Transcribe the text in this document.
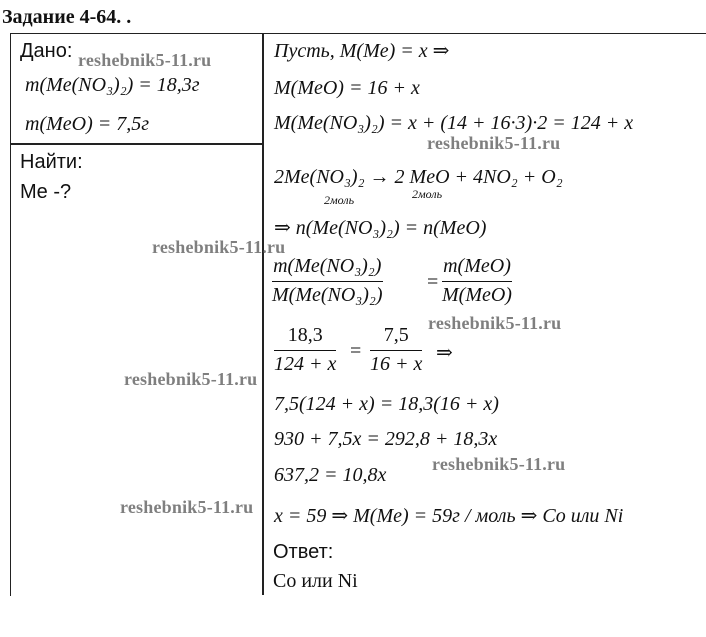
Задание 4-64. .
Дано:
m(Me(NO₃)₂) = 18,3г
m(MeO) = 7,5г
Найти:
Me -?
Пусть, M(Me) = x ⇒
M(MeO) = 16 + x
M(Me(NO₃)₂) = x + (14 + 16·3)·2 = 124 + x
2Me(NO₃)₂ → 2 MeO + 4NO₂ + O₂
2моль	2моль
⇒ n(Me(NO₃)₂) = n(MeO)
m(Me(NO₃)₂)
M(Me(NO₃)₂)
=
m(MeO)
M(MeO)
18,3
124 + x
=
7,5
16 + x
⇒
7,5(124 + x) = 18,3(16 + x)
930 + 7,5x = 292,8 + 18,3x
637,2 = 10,8x
x = 59 ⇒ M(Me) = 59г / моль ⇒ Co или Ni
Ответ:
Co или Ni
reshebnik5-11.ru
reshebnik5-11.ru
reshebnik5-11.ru
reshebnik5-11.ru
reshebnik5-11.ru
reshebnik5-11.ru
reshebnik5-11.ru
